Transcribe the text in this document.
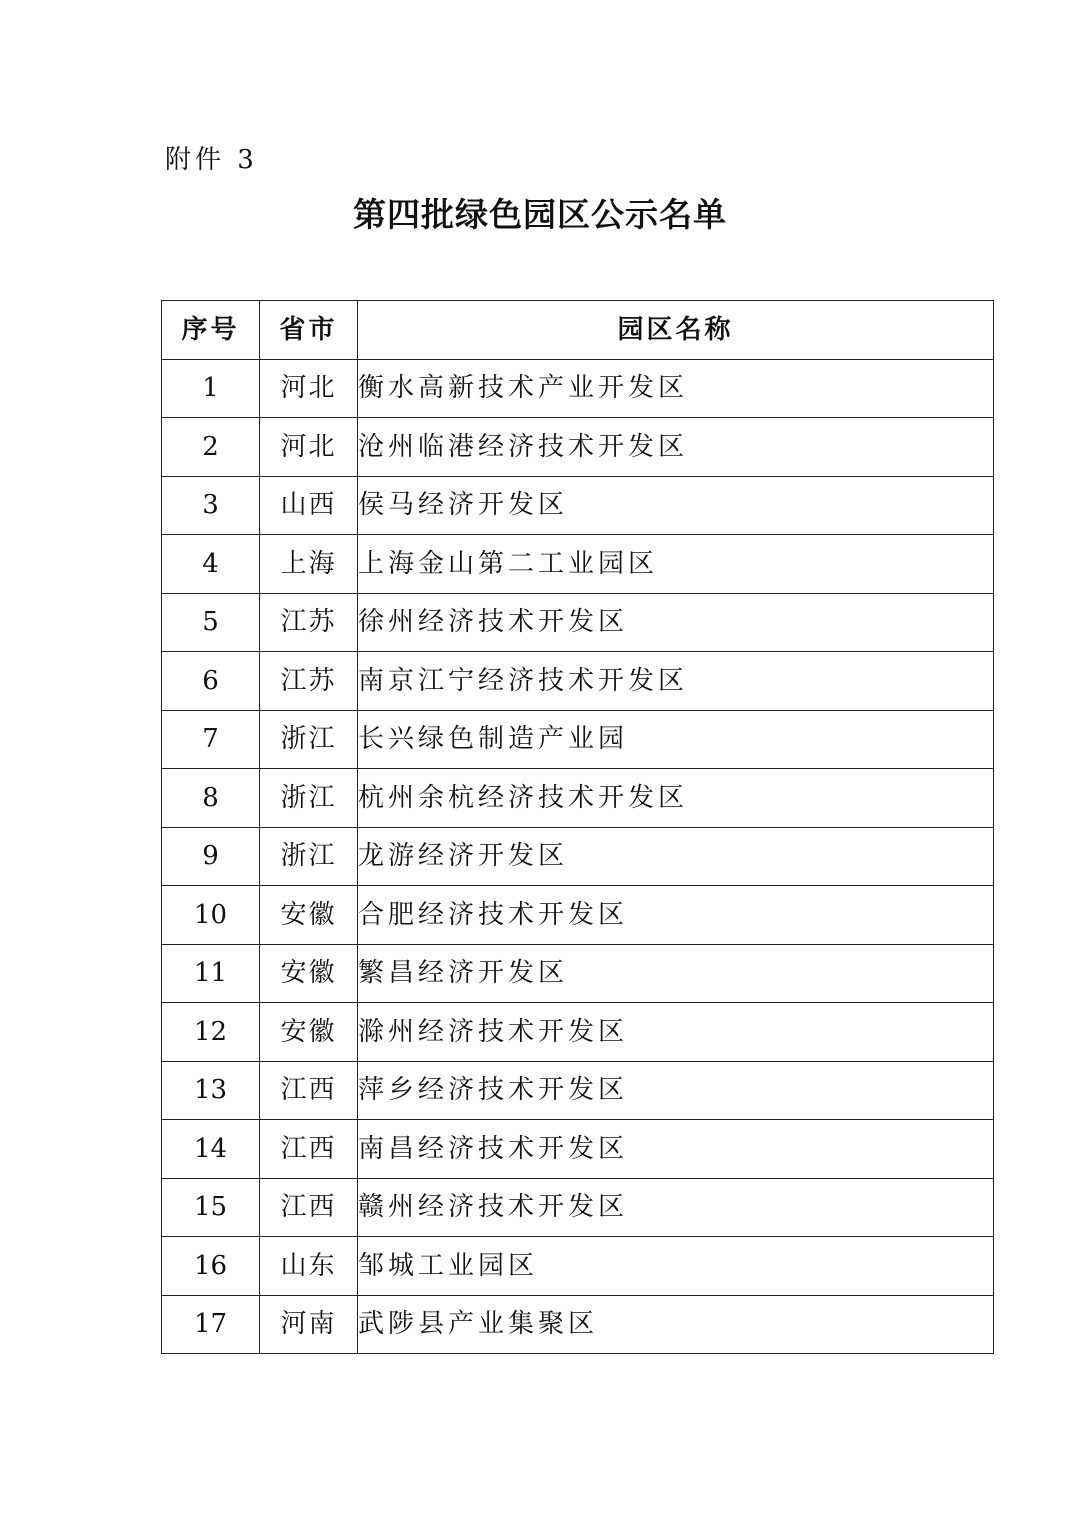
附件 3
第四批绿色园区公示名单
序号	省市	园区名称
1	河北	衡水高新技术产业开发区
2	河北	沧州临港经济技术开发区
3	山西	侯马经济开发区
4	上海	上海金山第二工业园区
5	江苏	徐州经济技术开发区
6	江苏	南京江宁经济技术开发区
7	浙江	长兴绿色制造产业园
8	浙江	杭州余杭经济技术开发区
9	浙江	龙游经济开发区
10	安徽	合肥经济技术开发区
11	安徽	繁昌经济开发区
12	安徽	滁州经济技术开发区
13	江西	萍乡经济技术开发区
14	江西	南昌经济技术开发区
15	江西	赣州经济技术开发区
16	山东	邹城工业园区
17	河南	武陟县产业集聚区
